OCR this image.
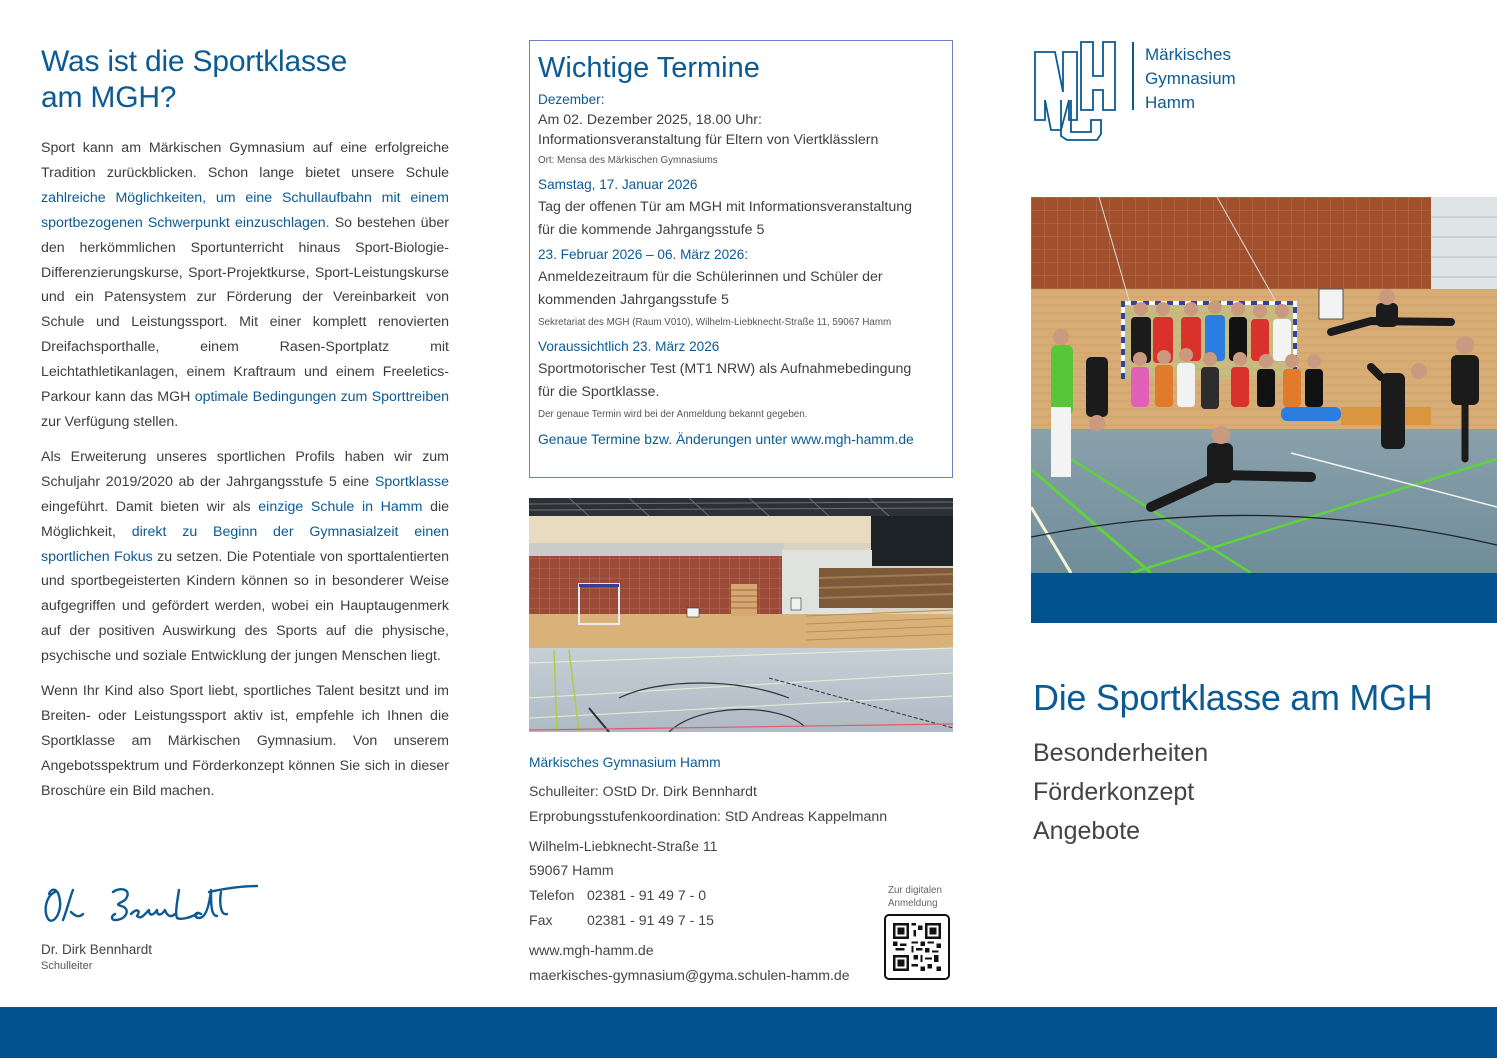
Was ist die Sportklasse
am MGH?

Sport kann am Märkischen Gymnasium auf eine erfolgreiche Tradition zurückblicken. Schon lange bietet unsere Schule zahlreiche Möglichkeiten, um eine Schullaufbahn mit einem sportbezogenen Schwerpunkt einzuschlagen. So bestehen über den herkömmlichen Sportunterricht hinaus Sport-Biologie-Differenzierungskurse, Sport-Projektkurse, Sport-Leistungskurse und ein Patensystem zur Förderung der Vereinbarkeit von Schule und Leistungssport. Mit einer komplett renovierten Dreifachsporthalle, einem Rasen-Sportplatz mit Leichtathletikanlagen, einem Kraftraum und einem Freeletics-Parkour kann das MGH optimale Bedingungen zum Sporttreiben zur Verfügung stellen.

Als Erweiterung unseres sportlichen Profils haben wir zum Schuljahr 2019/2020 ab der Jahrgangsstufe 5 eine Sportklasse eingeführt. Damit bieten wir als einzige Schule in Hamm die Möglichkeit, direkt zu Beginn der Gymnasialzeit einen sportlichen Fokus zu setzen. Die Potentiale von sporttalentierten und sportbegeisterten Kindern können so in besonderer Weise aufgegriffen und gefördert werden, wobei ein Hauptaugenmerk auf der positiven Auswirkung des Sports auf die physische, psychische und soziale Entwicklung der jungen Menschen liegt.

Wenn Ihr Kind also Sport liebt, sportliches Talent besitzt und im Breiten- oder Leistungssport aktiv ist, empfehle ich Ihnen die Sportklasse am Märkischen Gymnasium. Von unserem Angebotsspektrum und Förderkonzept können Sie sich in dieser Broschüre ein Bild machen.

Dr. Dirk Bennhardt
Schulleiter
Wichtige Termine
Dezember:
Am 02. Dezember 2025, 18.00 Uhr:
Informationsveranstaltung für Eltern von Viertklässlern
Ort: Mensa des Märkischen Gymnasiums
Samstag, 17. Januar 2026
Tag der offenen Tür am MGH mit Informationsveranstaltung
für die kommende Jahrgangsstufe 5
23. Februar 2026 – 06. März 2026:
Anmeldezeitraum für die Schülerinnen und Schüler der
kommenden Jahrgangsstufe 5
Sekretariat des MGH (Raum V010), Wilhelm-Liebknecht-Straße 11, 59067 Hamm
Voraussichtlich 23. März 2026
Sportmotorischer Test (MT1 NRW) als Aufnahmebedingung
für die Sportklasse.
Der genaue Termin wird bei der Anmeldung bekannt gegeben.
Genaue Termine bzw. Änderungen unter www.mgh-hamm.de
Märkisches Gymnasium Hamm
Schulleiter: OStD Dr. Dirk Bennhardt
Erprobungsstufenkoordination: StD Andreas Kappelmann
Wilhelm-Liebknecht-Straße 11
59067 Hamm
Telefon 02381 - 91 49 7 - 0
Fax 02381 - 91 49 7 - 15
www.mgh-hamm.de
maerkisches-gymnasium@gyma.schulen-hamm.de
Zur digitalen
Anmeldung
Märkisches
Gymnasium
Hamm
Die Sportklasse am MGH
Besonderheiten
Förderkonzept
Angebote
